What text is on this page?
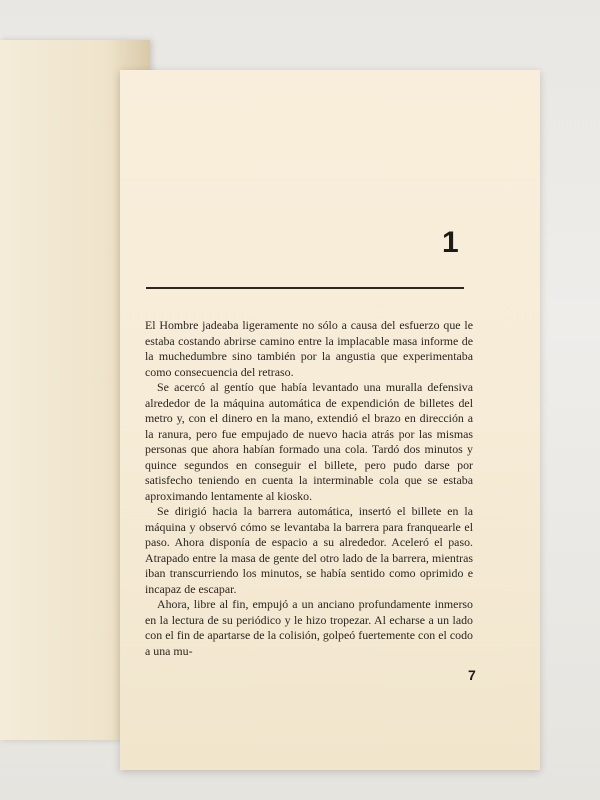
1

El Hombre jadeaba ligeramente no sólo a causa del esfuerzo que le estaba costando abrirse camino entre la implacable masa informe de la muchedumbre sino también por la angustia que experimentaba como consecuencia del retraso.

Se acercó al gentío que había levantado una muralla defensiva alrededor de la máquina automática de expendición de billetes del metro y, con el dinero en la mano, extendió el brazo en dirección a la ranura, pero fue empujado de nuevo hacia atrás por las mismas personas que ahora habían formado una cola. Tardó dos minutos y quince segundos en conseguir el billete, pero pudo darse por satisfecho teniendo en cuenta la interminable cola que se estaba aproximando lentamente al kiosko.

Se dirigió hacia la barrera automática, insertó el billete en la máquina y observó cómo se levantaba la barrera para franquearle el paso. Ahora disponía de espacio a su alrededor. Aceleró el paso. Atrapado entre la masa de gente del otro lado de la barrera, mientras iban transcurriendo los minutos, se había sentido como oprimido e incapaz de escapar.

Ahora, libre al fin, empujó a un anciano profundamente inmerso en la lectura de su periódico y le hizo tropezar. Al echarse a un lado con el fin de apartarse de la colisión, golpeó fuertemente con el codo a una mu-

7
